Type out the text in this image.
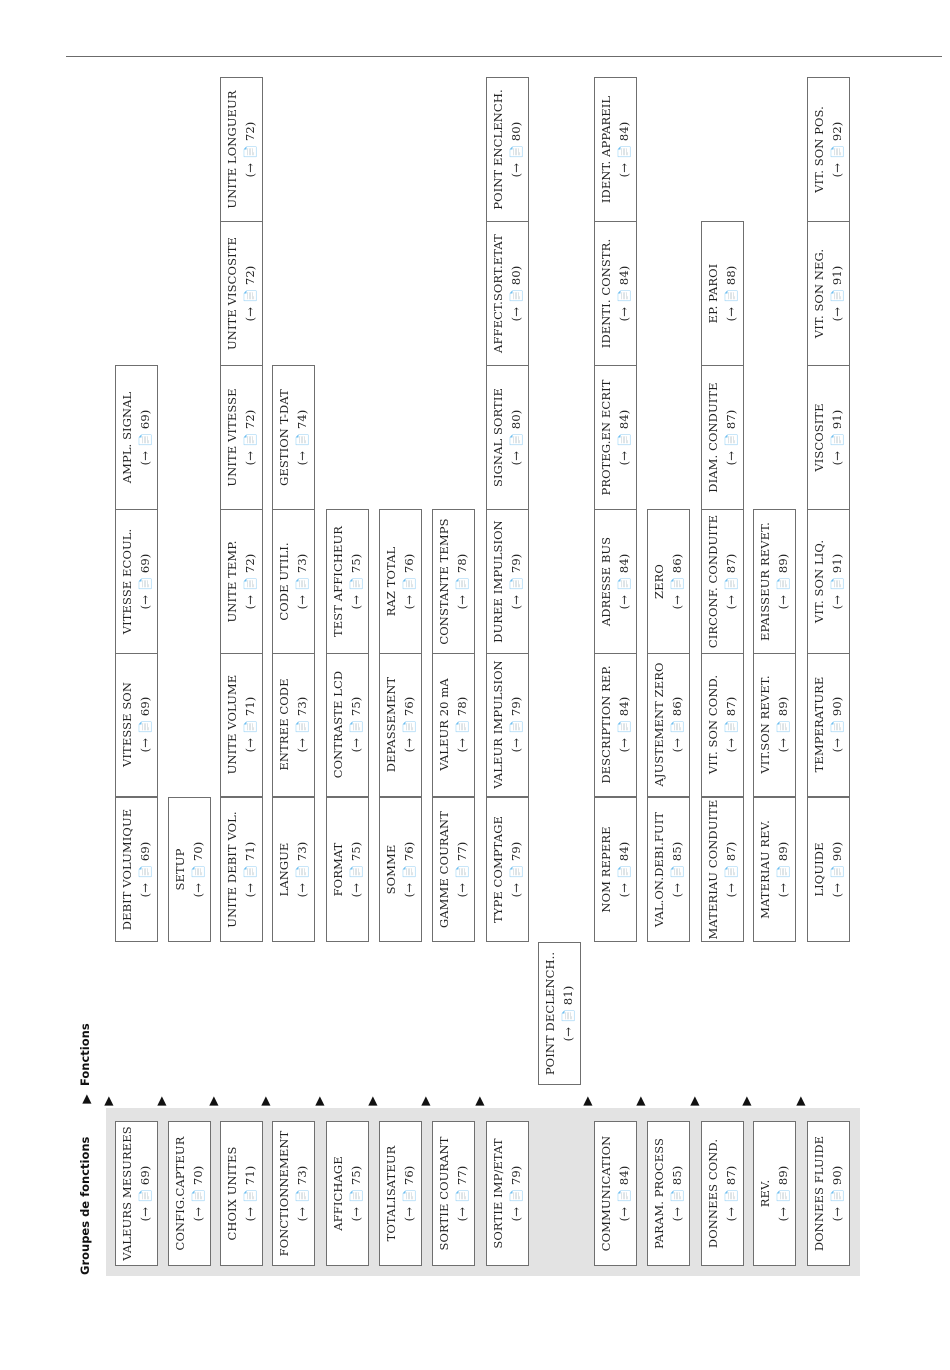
Groupes de fonctions
Fonctions
▶
VALEURS MESUREES (→ 📄 69)
▶
DEBIT VOLUMIQUE (→ 📄 69)
VITESSE SON (→ 📄 69)
VITESSE ECOUL. (→ 📄 69)
AMPL. SIGNAL (→ 📄 69)
CONFIG.CAPTEUR (→ 📄 70)
▶
SETUP (→ 📄 70)
CHOIX UNITES (→ 📄 71)
▶
UNITE DEBIT VOL. (→ 📄 71)
UNITE VOLUME (→ 📄 71)
UNITE TEMP. (→ 📄 72)
UNITE VITESSE (→ 📄 72)
UNITE VISCOSITE (→ 📄 72)
UNITE LONGUEUR (→ 📄 72)
FONCTIONNEMENT (→ 📄 73)
▶
LANGUE (→ 📄 73)
ENTREE CODE (→ 📄 73)
CODE UTILI. (→ 📄 73)
GESTION T-DAT (→ 📄 74)
AFFICHAGE (→ 📄 75)
▶
FORMAT (→ 📄 75)
CONTRASTE LCD (→ 📄 75)
TEST AFFICHEUR (→ 📄 75)
TOTALISATEUR (→ 📄 76)
▶
SOMME (→ 📄 76)
DEPASSEMENT (→ 📄 76)
RAZ TOTAL (→ 📄 76)
SORTIE COURANT (→ 📄 77)
▶
GAMME COURANT (→ 📄 77)
VALEUR 20 mA (→ 📄 78)
CONSTANTE TEMPS (→ 📄 78)
SORTIE IMP/ETAT (→ 📄 79)
▶
TYPE COMPTAGE (→ 📄 79)
VALEUR IMPULSION (→ 📄 79)
DUREE IMPULSION (→ 📄 79)
SIGNAL SORTIE (→ 📄 80)
AFFECT.SORT.ETAT (→ 📄 80)
POINT ENCLENCH. (→ 📄 80)
POINT DECLENCH.. (→ 📄 81)
COMMUNICATION (→ 📄 84)
▶
NOM REPERE (→ 📄 84)
DESCRIPTION REP. (→ 📄 84)
ADRESSE BUS (→ 📄 84)
PROTEG.EN ECRIT (→ 📄 84)
IDENTI. CONSTR. (→ 📄 84)
IDENT. APPAREIL (→ 📄 84)
PARAM. PROCESS (→ 📄 85)
▶
VAL.ON.DEBI.FUIT (→ 📄 85)
AJUSTEMENT ZERO (→ 📄 86)
ZERO (→ 📄 86)
DONNEES COND. (→ 📄 87)
▶
MATERIAU CONDUITE (→ 📄 87)
VIT. SON COND. (→ 📄 87)
CIRCONF. CONDUITE (→ 📄 87)
DIAM. CONDUITE (→ 📄 87)
EP. PAROI (→ 📄 88)
REV. (→ 📄 89)
▶
MATERIAU REV. (→ 📄 89)
VIT.SON REVET. (→ 📄 89)
EPAISSEUR REVET. (→ 📄 89)
DONNEES FLUIDE (→ 📄 90)
▶
LIQUIDE (→ 📄 90)
TEMPERATURE (→ 📄 90)
VIT. SON LIQ. (→ 📄 91)
VISCOSITE (→ 📄 91)
VIT. SON NEG. (→ 📄 91)
VIT. SON POS. (→ 📄 92)
